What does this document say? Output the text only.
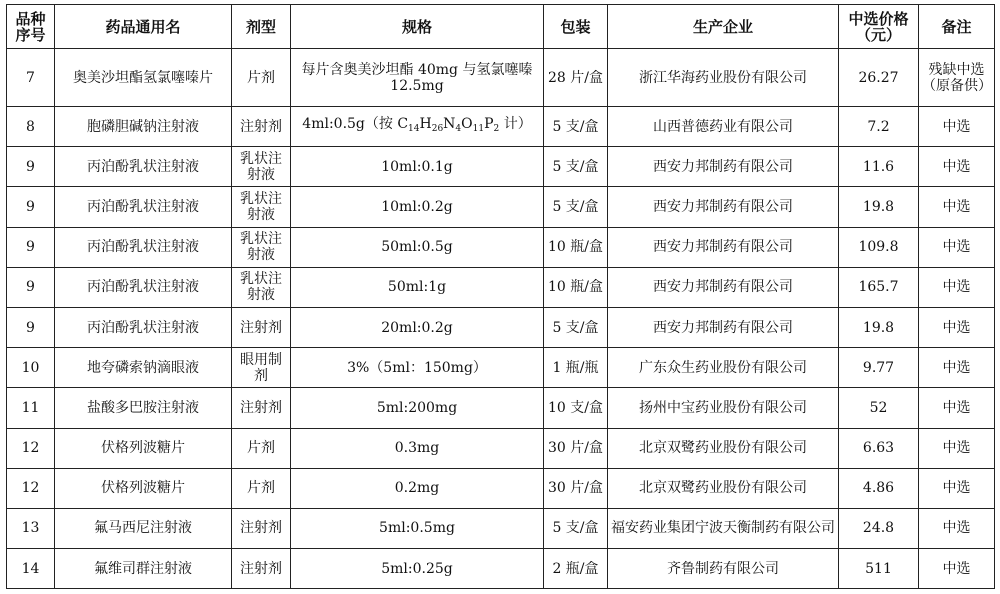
品种序号	药品通用名	剂型	规格	包装	生产企业	中选价格（元）	备注
7	奥美沙坦酯氢氯噻嗪片	片剂	每片含奥美沙坦酯 40mg 与氢氯噻嗪 12.5mg	28 片/盒	浙江华海药业股份有限公司	26.27	残缺中选（原备供）
8	胞磷胆碱钠注射液	注射剂	4ml:0.5g（按 $C_{14}H_{26}N_4O_{11}P_2$ 计）	5 支/盒	山西普德药业有限公司	7.2	中选
9	丙泊酚乳状注射液	乳状注射液	10ml:0.1g	5 支/盒	西安力邦制药有限公司	11.6	中选
9	丙泊酚乳状注射液	乳状注射液	10ml:0.2g	5 支/盒	西安力邦制药有限公司	19.8	中选
9	丙泊酚乳状注射液	乳状注射液	50ml:0.5g	10 瓶/盒	西安力邦制药有限公司	109.8	中选
9	丙泊酚乳状注射液	乳状注射液	50ml:1g	10 瓶/盒	西安力邦制药有限公司	165.7	中选
9	丙泊酚乳状注射液	注射剂	20ml:0.2g	5 支/盒	西安力邦制药有限公司	19.8	中选
10	地夸磷索钠滴眼液	眼用制剂	3%（5ml：150mg）	1 瓶/瓶	广东众生药业股份有限公司	9.77	中选
11	盐酸多巴胺注射液	注射剂	5ml:200mg	10 支/盒	扬州中宝药业股份有限公司	52	中选
12	伏格列波糖片	片剂	0.3mg	30 片/盒	北京双鹭药业股份有限公司	6.63	中选
12	伏格列波糖片	片剂	0.2mg	30 片/盒	北京双鹭药业股份有限公司	4.86	中选
13	氟马西尼注射液	注射剂	5ml:0.5mg	5 支/盒	福安药业集团宁波天衡制药有限公司	24.8	中选
14	氟维司群注射液	注射剂	5ml:0.25g	2 瓶/盒	齐鲁制药有限公司	511	中选
